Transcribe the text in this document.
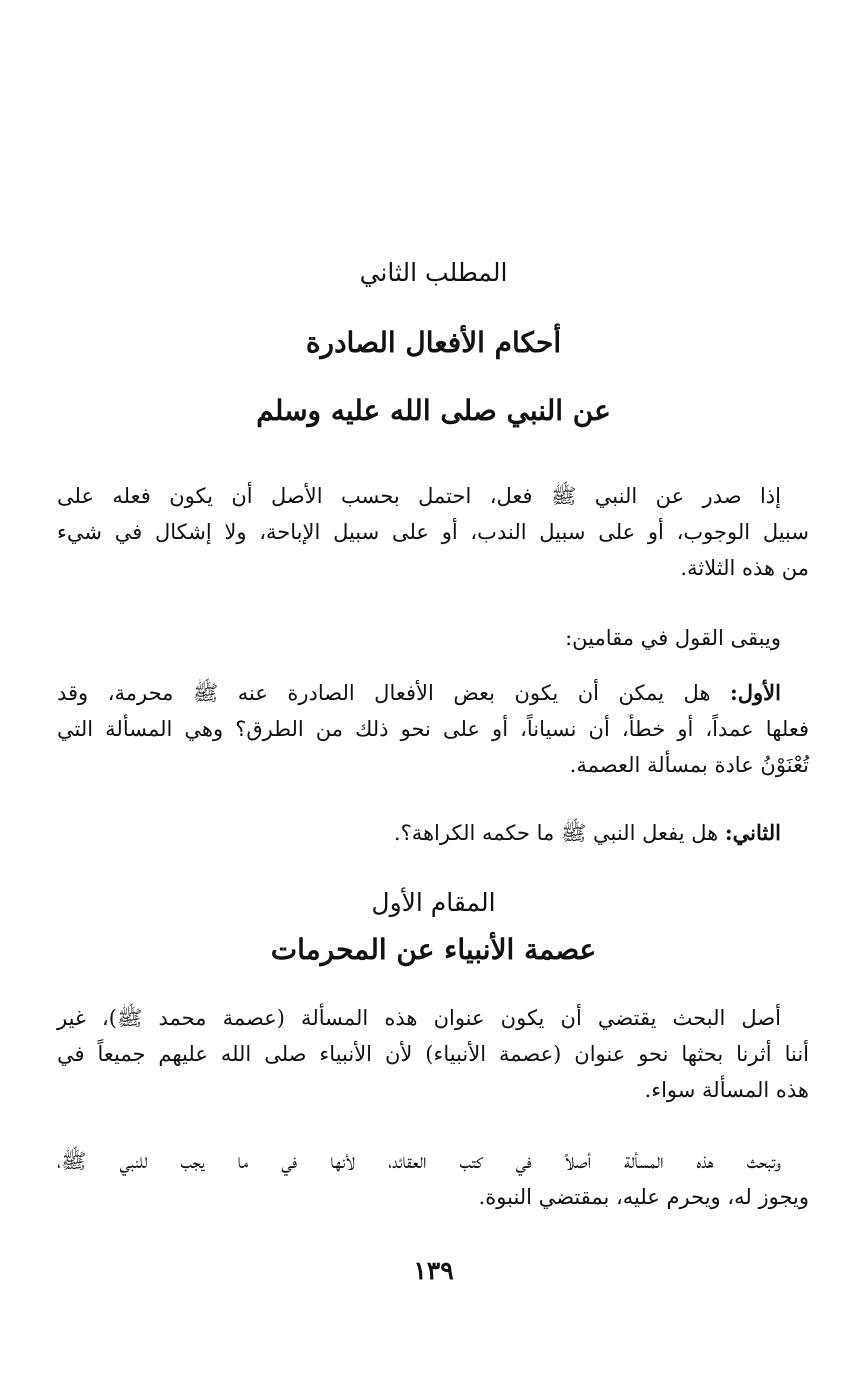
المطلب الثاني
أحكام الأفعال الصادرة
عن النبي صلى الله عليه وسلم
إذا صدر عن النبي ﷺ فعل، احتمل بحسب الأصل أن يكون فعله على
سبيل الوجوب، أو على سبيل الندب، أو على سبيل الإباحة، ولا إشكال في شيء
من هذه الثلاثة.
ويبقى القول في مقامين:
الأول: هل يمكن أن يكون بعض الأفعال الصادرة عنه ﷺ محرمة، وقد
فعلها عمداً، أو خطأ، أن نسياناً، أو على نحو ذلك من الطرق؟ وهي المسألة التي
تُعْنَوْنُ عادة بمسألة العصمة.
الثاني: هل يفعل النبي ﷺ ما حكمه الكراهة؟.
المقام الأول
عصمة الأنبياء عن المحرمات
أصل البحث يقتضي أن يكون عنوان هذه المسألة (عصمة محمد ﷺ)، غير
أننا أثرنا بحثها نحو عنوان (عصمة الأنبياء) لأن الأنبياء صلى الله عليهم جميعاً في
هذه المسألة سواء.
وتبحث هذه المسألة أصلاً في كتب العقائد، لأنها في ما يجب للنبي ﷺ،
ويجوز له، ويحرم عليه، بمقتضي النبوة.
١٣٩
